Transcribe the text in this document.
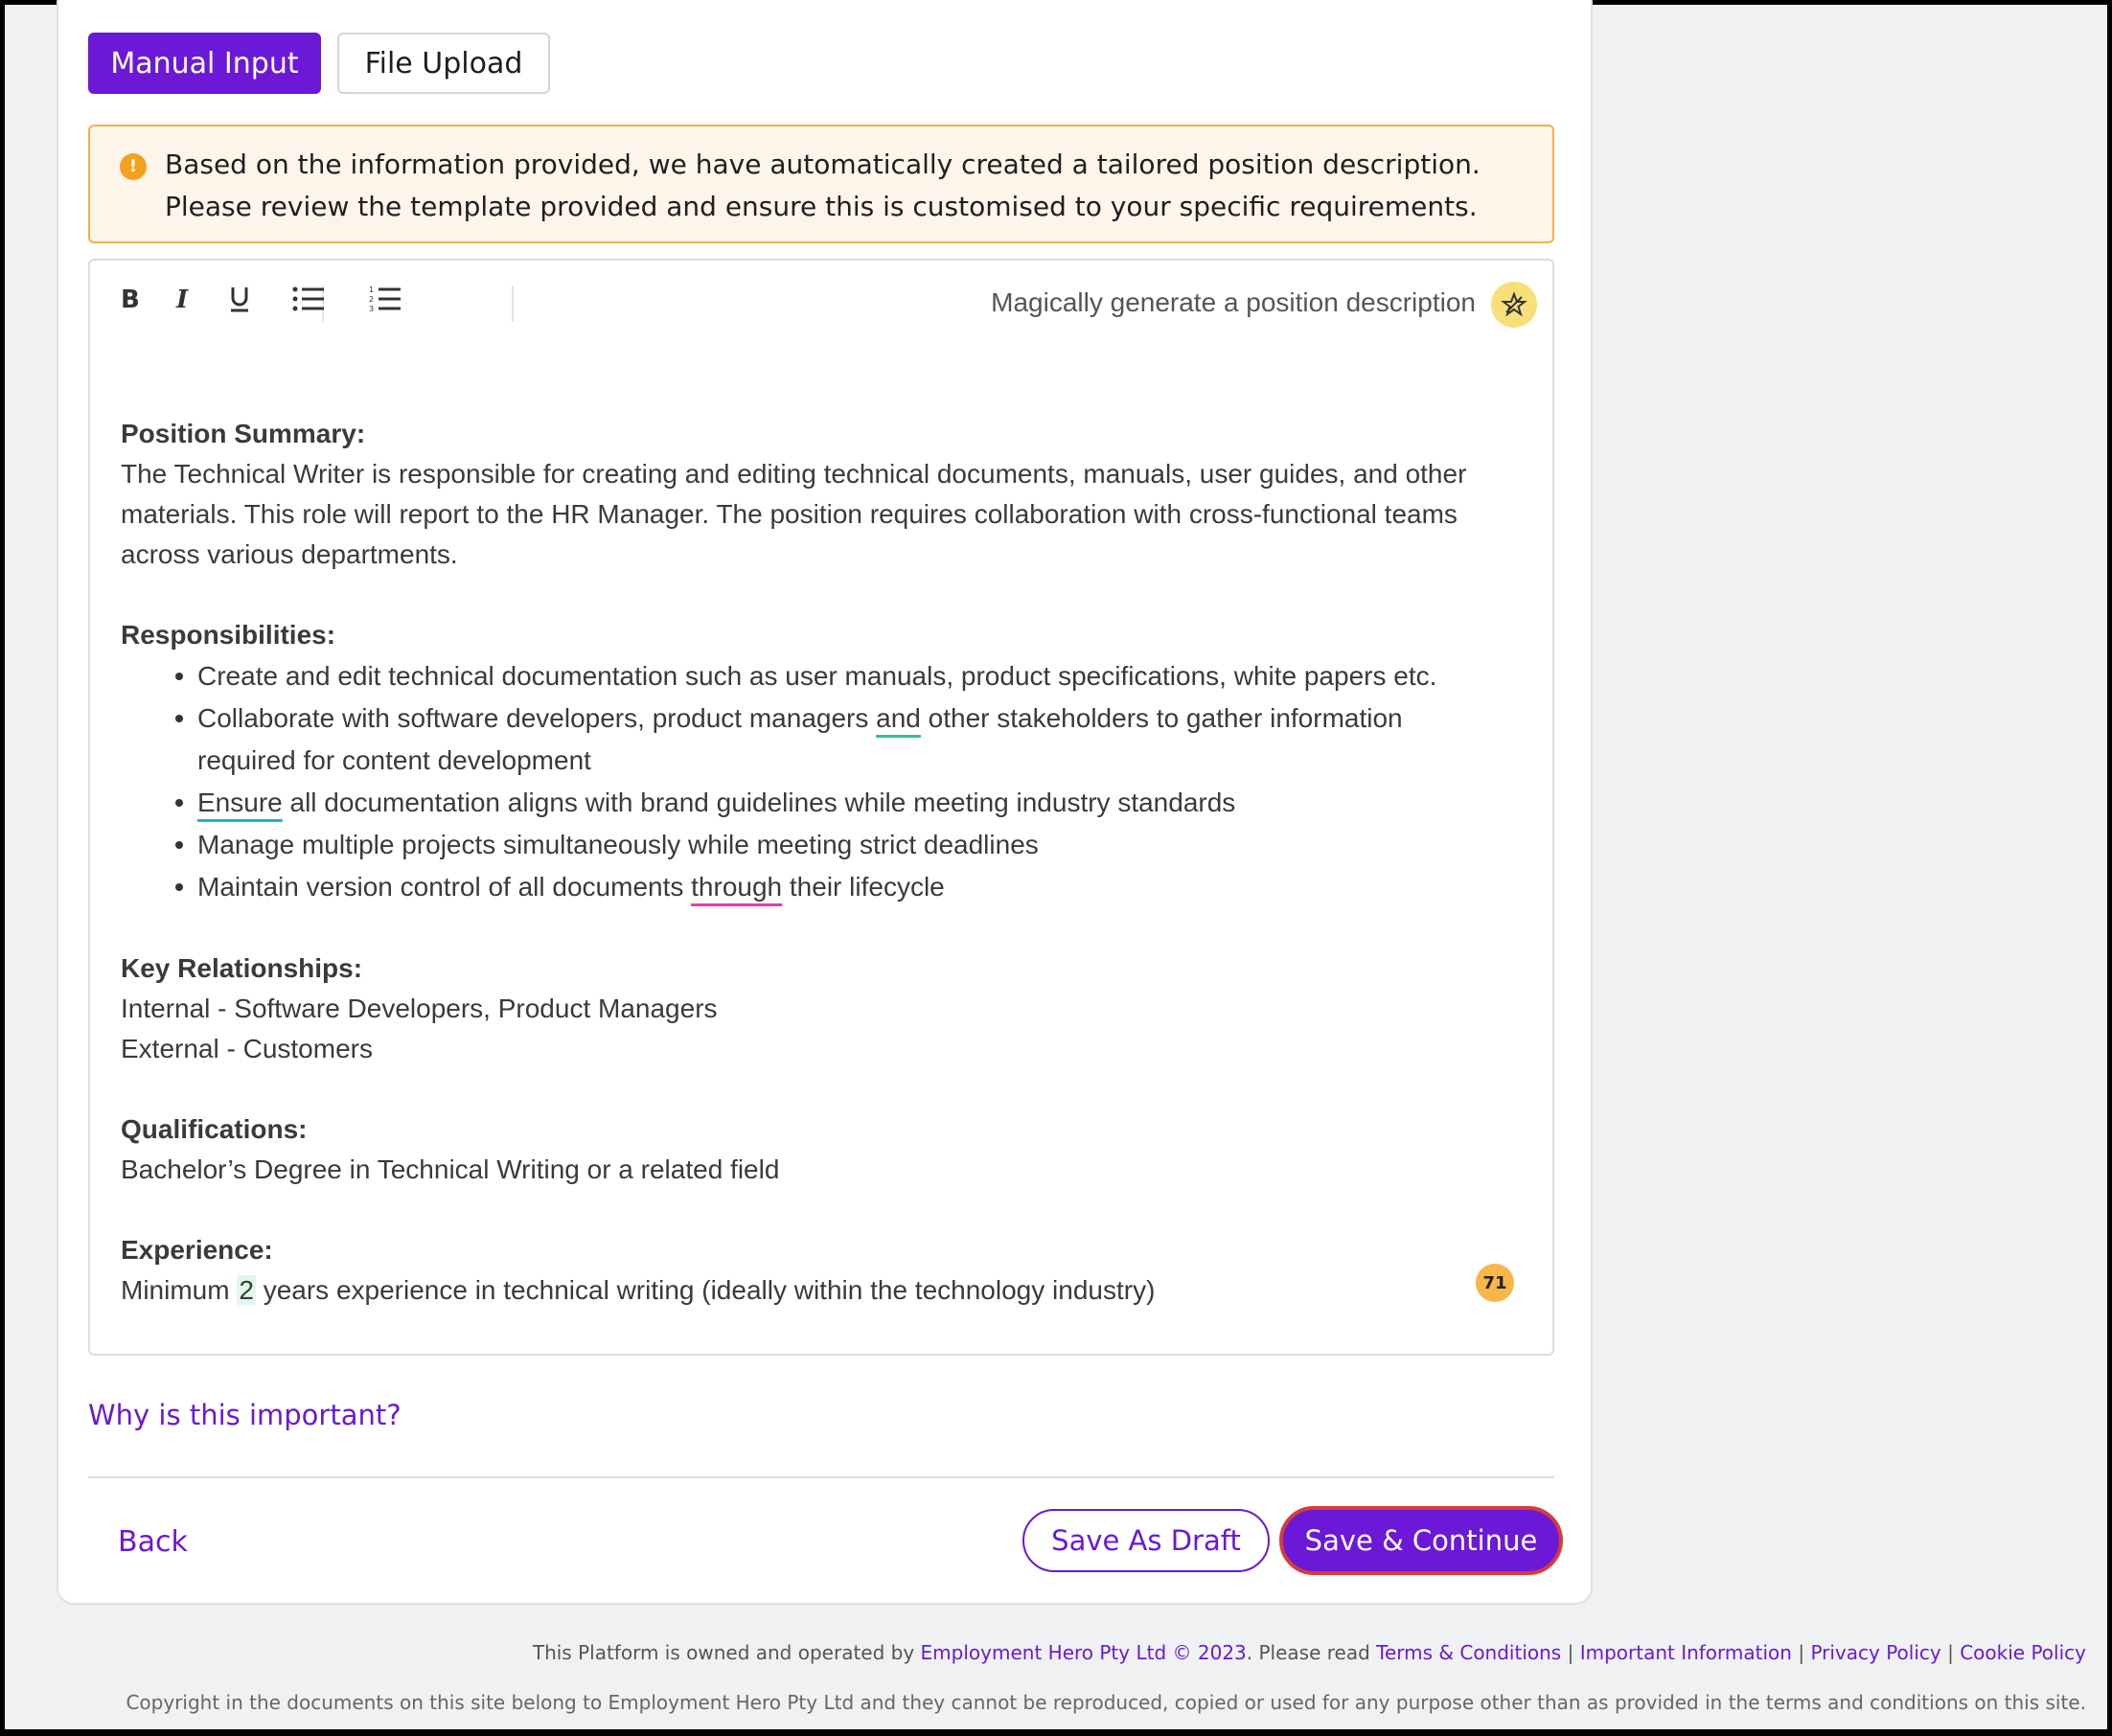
Manual Input	File Upload
!	Based on the information provided, we have automatically created a tailored position description.
Please review the template provided and ensure this is customised to your specific requirements.
B I	1
2
3	Magically generate a position description
Position Summary:
The Technical Writer is responsible for creating and editing technical documents, manuals, user guides, and other
materials. This role will report to the HR Manager. The position requires collaboration with cross-functional teams
across various departments.
Responsibilities:
Create and edit technical documentation such as user manuals, product specifications, white papers etc.
Collaborate with software developers, product managers and other stakeholders to gather information
required for content development
Ensure all documentation aligns with brand guidelines while meeting industry standards
Manage multiple projects simultaneously while meeting strict deadlines
Maintain version control of all documents through their lifecycle
Key Relationships:
Internal - Software Developers, Product Managers
External - Customers
Qualifications:
Bachelor’s Degree in Technical Writing or a related field
Experience:
Minimum 2 years experience in technical writing (ideally within the technology industry)	71
Why is this important?
Back	Save As Draft	Save & Continue
This Platform is owned and operated by Employment Hero Pty Ltd © 2023. Please read Terms & Conditions | Important Information | Privacy Policy | Cookie Policy
Copyright in the documents on this site belong to Employment Hero Pty Ltd and they cannot be reproduced, copied or used for any purpose other than as provided in the terms and conditions on this site.
